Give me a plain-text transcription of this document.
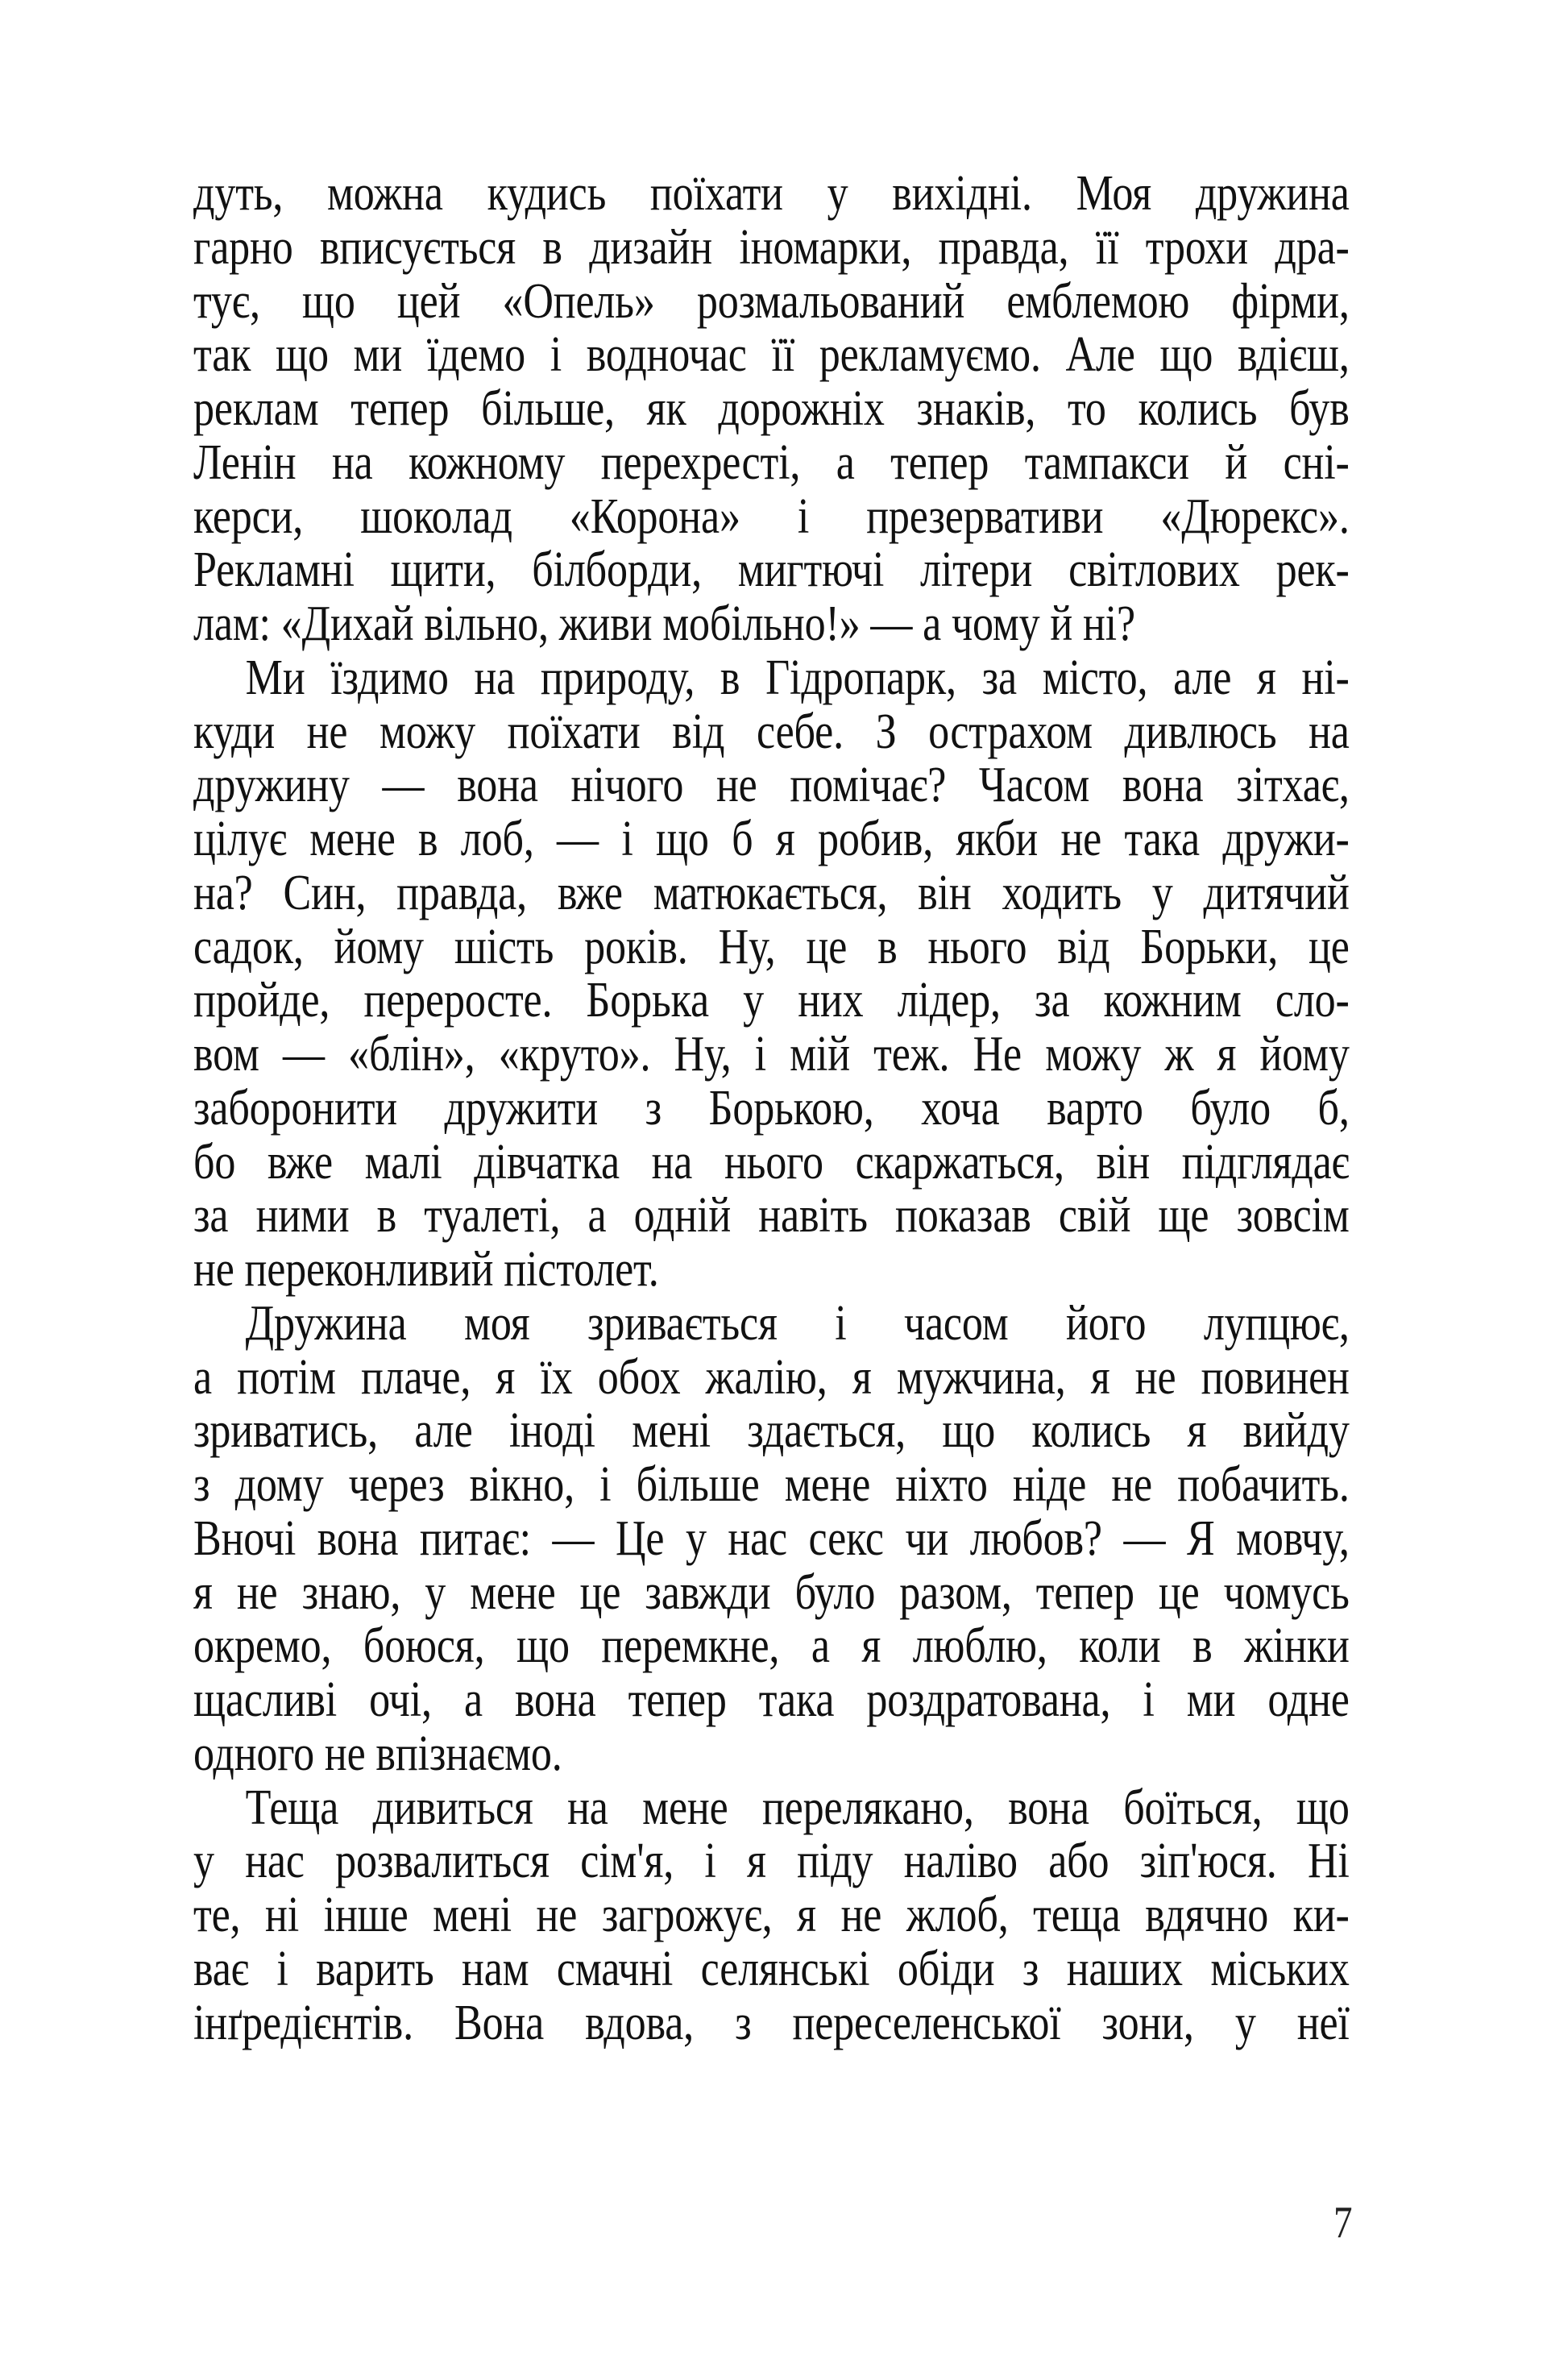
дуть, можна кудись поїхати у вихідні. Моя дружина
гарно вписується в дизайн іномарки, правда, її трохи дра-
тує, що цей «Опель» розмальований емблемою фірми,
так що ми їдемо і водночас її рекламуємо. Але що вдієш,
реклам тепер більше, як дорожніх знаків, то колись був
Ленін на кожному перехресті, а тепер тампакси й снi-
керси, шоколад «Корона» і презервативи «Дюрекс».
Рекламні щити, білборди, мигтючі літери світлових рек-
лам: «Дихай вільно, живи мобільно!» — а чому й ні?
Ми їздимо на природу, в Гідропарк, за місто, але я ні-
куди не можу поїхати від себе. З острахом дивлюсь на
дружину — вона нічого не помічає? Часом вона зітхає,
цілує мене в лоб, — і що б я робив, якби не така дружи-
на? Син, правда, вже матюкається, він ходить у дитячий
садок, йому шість років. Ну, це в нього від Борьки, це
пройде, переросте. Борька у них лідер, за кожним сло-
вом — «блін», «круто». Ну, і мій теж. Не можу ж я йому
заборонити дружити з Борькою, хоча варто було б,
бо вже малі дівчатка на нього скаржаться, він підглядає
за ними в туалеті, а одній навіть показав свій ще зовсім
не переконливий пістолет.
Дружина моя зривається і часом його лупцює,
а потім плаче, я їх обох жалію, я мужчина, я не повинен
зриватись, але іноді мені здається, що колись я вийду
з дому через вікно, і більше мене ніхто ніде не побачить.
Вночі вона питає: — Це у нас секс чи любов? — Я мовчу,
я не знаю, у мене це завжди було разом, тепер це чомусь
окремо, боюся, що перемкне, а я люблю, коли в жінки
щасливі очі, а вона тепер така роздратована, і ми одне
одного не впізнаємо.
Теща дивиться на мене перелякано, вона боїться, що
у нас розвалиться сім'я, і я піду наліво або зіп'юся. Ні
те, ні інше мені не загрожує, я не жлоб, теща вдячно ки-
ває і варить нам смачні селянські обіди з наших міських
інґредієнтів. Вона вдова, з переселенської зони, у неї
7
